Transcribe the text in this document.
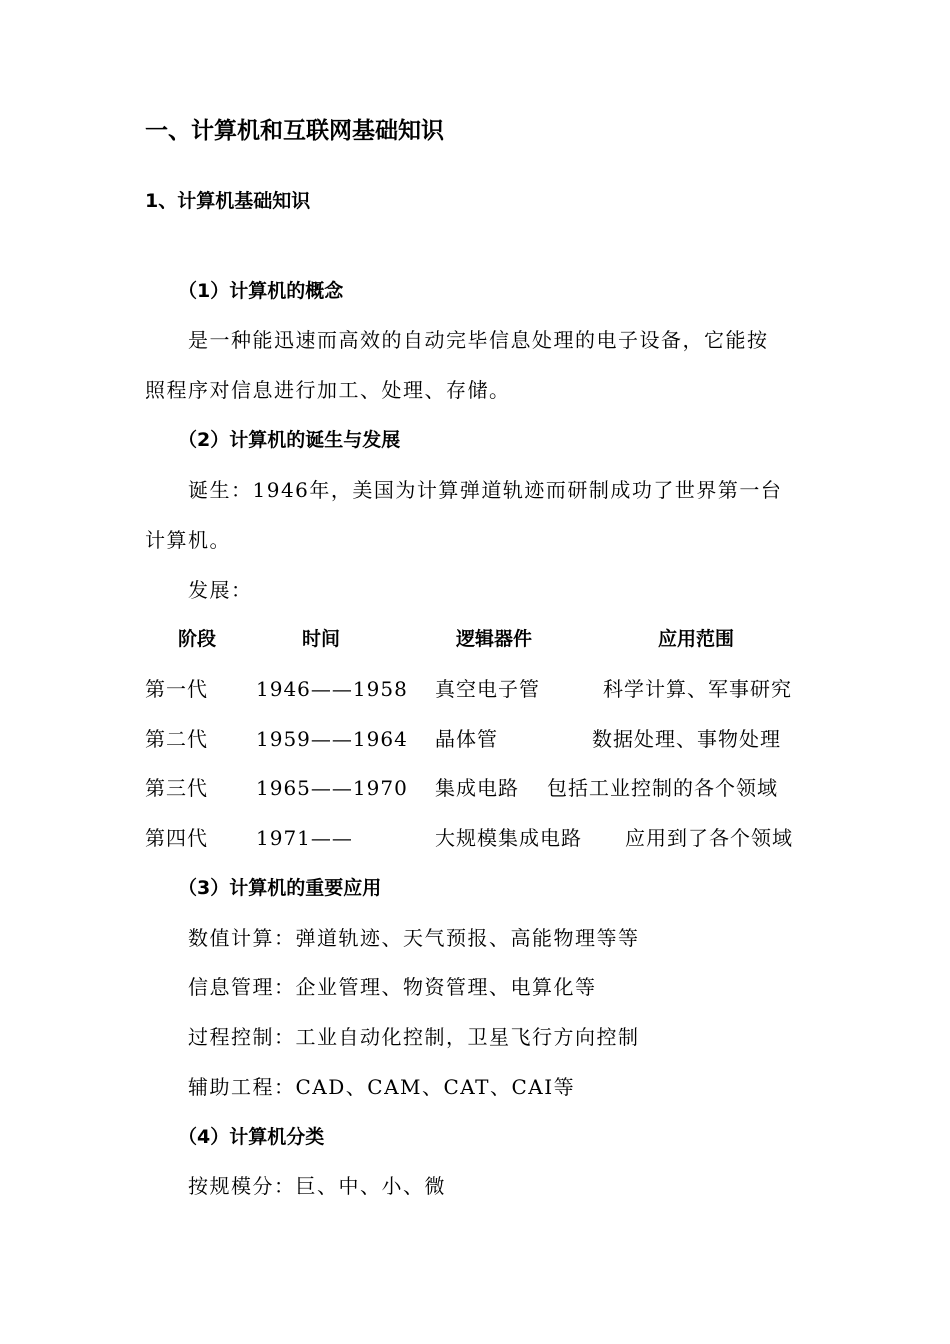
一、计算机和互联网基础知识
1、计算机基础知识
（1）计算机的概念
是一种能迅速而高效的自动完毕信息处理的电子设备，它能按
照程序对信息进行加工、处理、存储。
（2）计算机的诞生与发展
诞生：1946年，美国为计算弹道轨迹而研制成功了世界第一台
计算机。
发展：
阶段	时间	逻辑器件	应用范围
第一代 1946——1958 真空电子管	科学计算、军事研究
第二代 1959——1964 晶体管	数据处理、事物处理
第三代 1965——1970 集成电路 包括工业控制的各个领域
第四代 1971——	大规模集成电路 应用到了各个领域
（3）计算机的重要应用
数值计算：弹道轨迹、天气预报、高能物理等等
信息管理：企业管理、物资管理、电算化等
过程控制：工业自动化控制，卫星飞行方向控制
辅助工程：CAD、CAM、CAT、CAI等
（4）计算机分类
按规模分：巨、中、小、微
